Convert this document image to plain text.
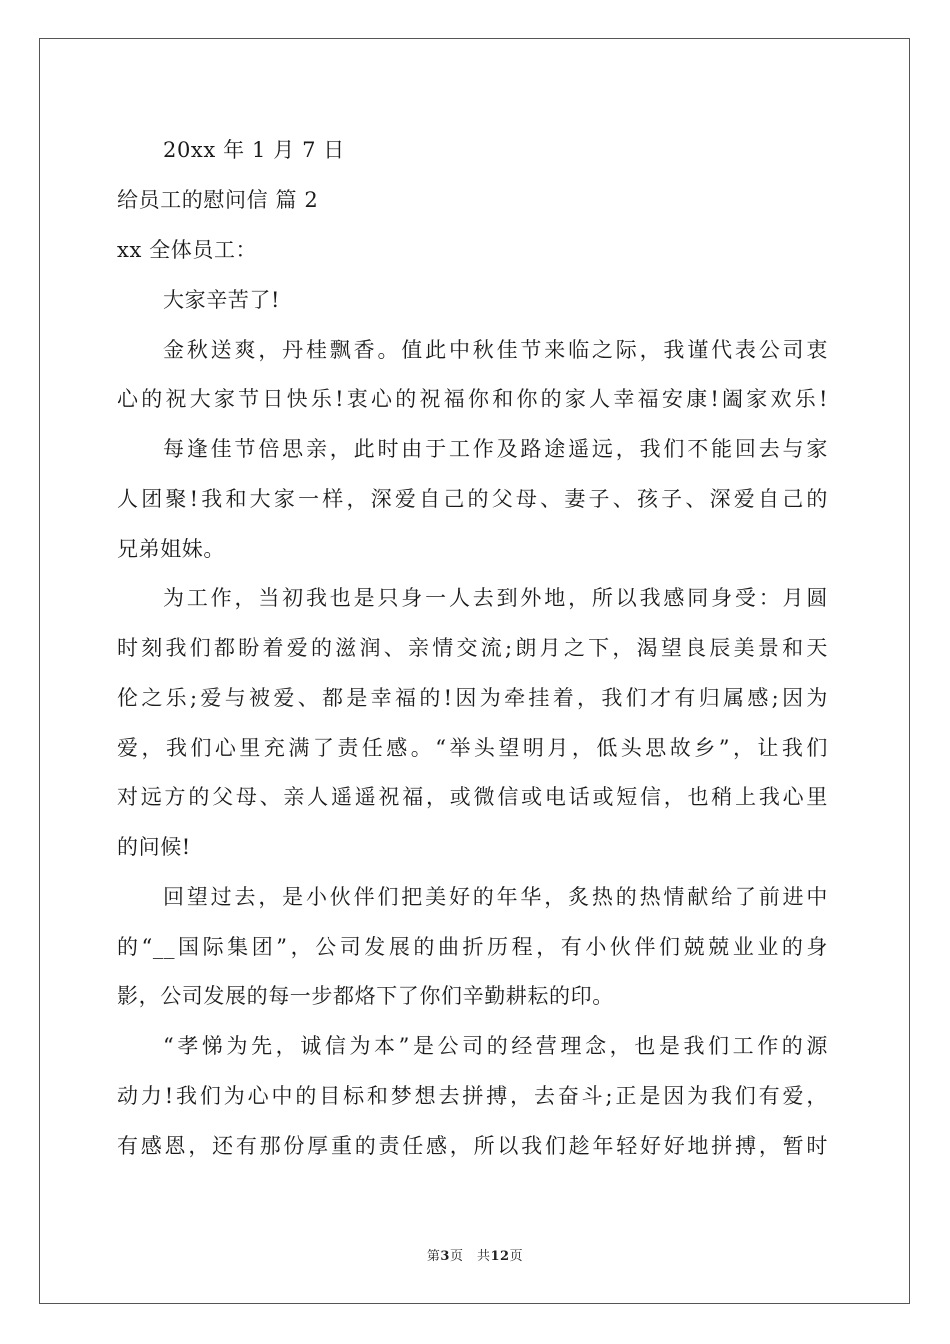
20xx 年 1 月 7 日
给员工的慰问信 篇 2
xx 全体员工：
大家辛苦了!
金秋送爽，丹桂飘香。值此中秋佳节来临之际，我谨代表公司衷
心的祝大家节日快乐!衷心的祝福你和你的家人幸福安康!阖家欢乐!
每逢佳节倍思亲，此时由于工作及路途遥远，我们不能回去与家
人团聚!我和大家一样，深爱自己的父母、妻子、孩子、深爱自己的
兄弟姐妹。
为工作，当初我也是只身一人去到外地，所以我感同身受：月圆
时刻我们都盼着爱的滋润、亲情交流;朗月之下，渴望良辰美景和天
伦之乐;爱与被爱、都是幸福的!因为牵挂着，我们才有归属感;因为
爱，我们心里充满了责任感。“举头望明月，低头思故乡”，让我们
对远方的父母、亲人遥遥祝福，或微信或电话或短信，也稍上我心里
的问候!
回望过去，是小伙伴们把美好的年华，炙热的热情献给了前进中
的“__国际集团”，公司发展的曲折历程，有小伙伴们兢兢业业的身
影，公司发展的每一步都烙下了你们辛勤耕耘的印。
“孝悌为先，诚信为本”是公司的经营理念，也是我们工作的源
动力!我们为心中的目标和梦想去拼搏，去奋斗;正是因为我们有爱，
有感恩，还有那份厚重的责任感，所以我们趁年轻好好地拼搏，暂时
第3页　共12页
